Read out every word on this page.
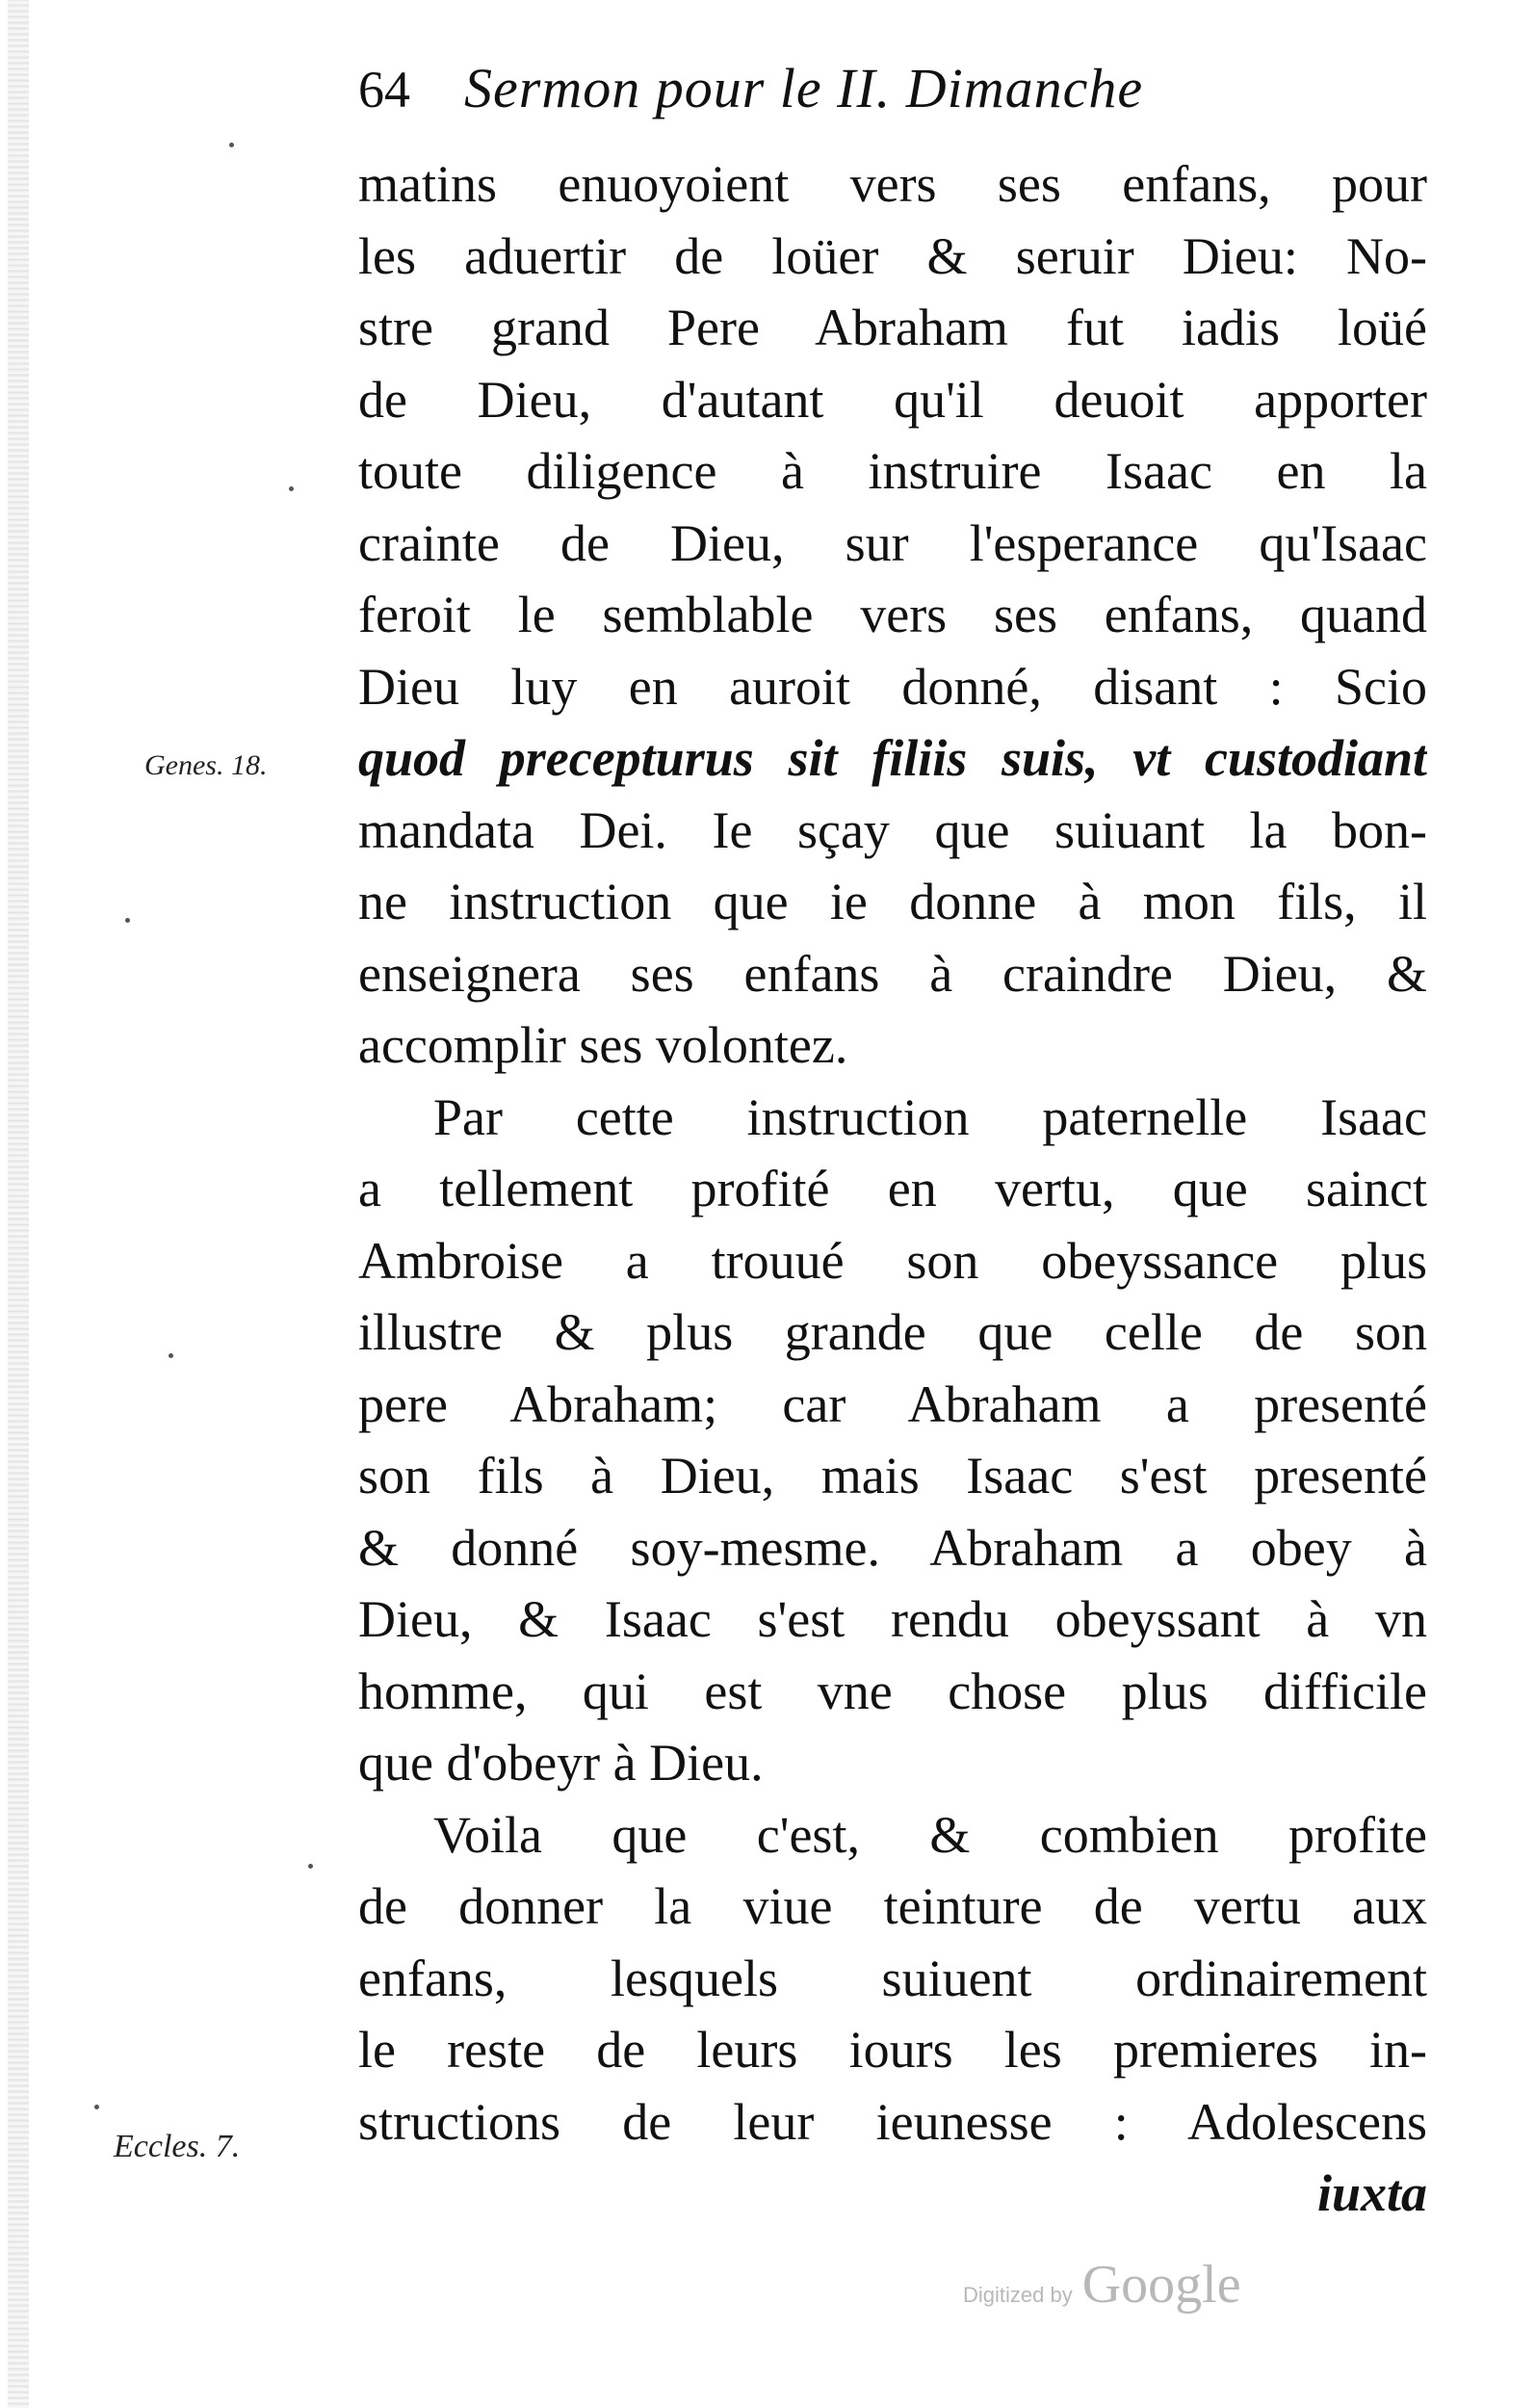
64 Sermon pour le II. Dimanche
matins enuoyoient vers ses enfans, pour
les aduertir de loüer & seruir Dieu: No-
stre grand Pere Abraham fut iadis loüé
de Dieu, d'autant qu'il deuoit apporter
toute diligence à instruire Isaac en la
crainte de Dieu, sur l'esperance qu'Isaac
feroit le semblable vers ses enfans, quand
Dieu luy en auroit donné, disant : Scio
quod precepturus sit filiis suis, vt custodiant
mandata Dei. Ie sçay que suiuant la bon-
ne instruction que ie donne à mon fils, il
enseignera ses enfans à craindre Dieu, &
accomplir ses volontez.
Par cette instruction paternelle Isaac
a tellement profité en vertu, que sainct
Ambroise a trouué son obeyssance plus
illustre & plus grande que celle de son
pere Abraham; car Abraham a presenté
son fils à Dieu, mais Isaac s'est presenté
& donné soy-mesme. Abraham a obey à
Dieu, & Isaac s'est rendu obeyssant à vn
homme, qui est vne chose plus difficile
que d'obeyr à Dieu.
Voila que c'est, & combien profite
de donner la viue teinture de vertu aux
enfans, lesquels suiuent ordinairement
le reste de leurs iours les premieres in-
structions de leur ieunesse : Adolescens
iuxta
Genes. 18.
Eccles. 7.
Digitized by Google
